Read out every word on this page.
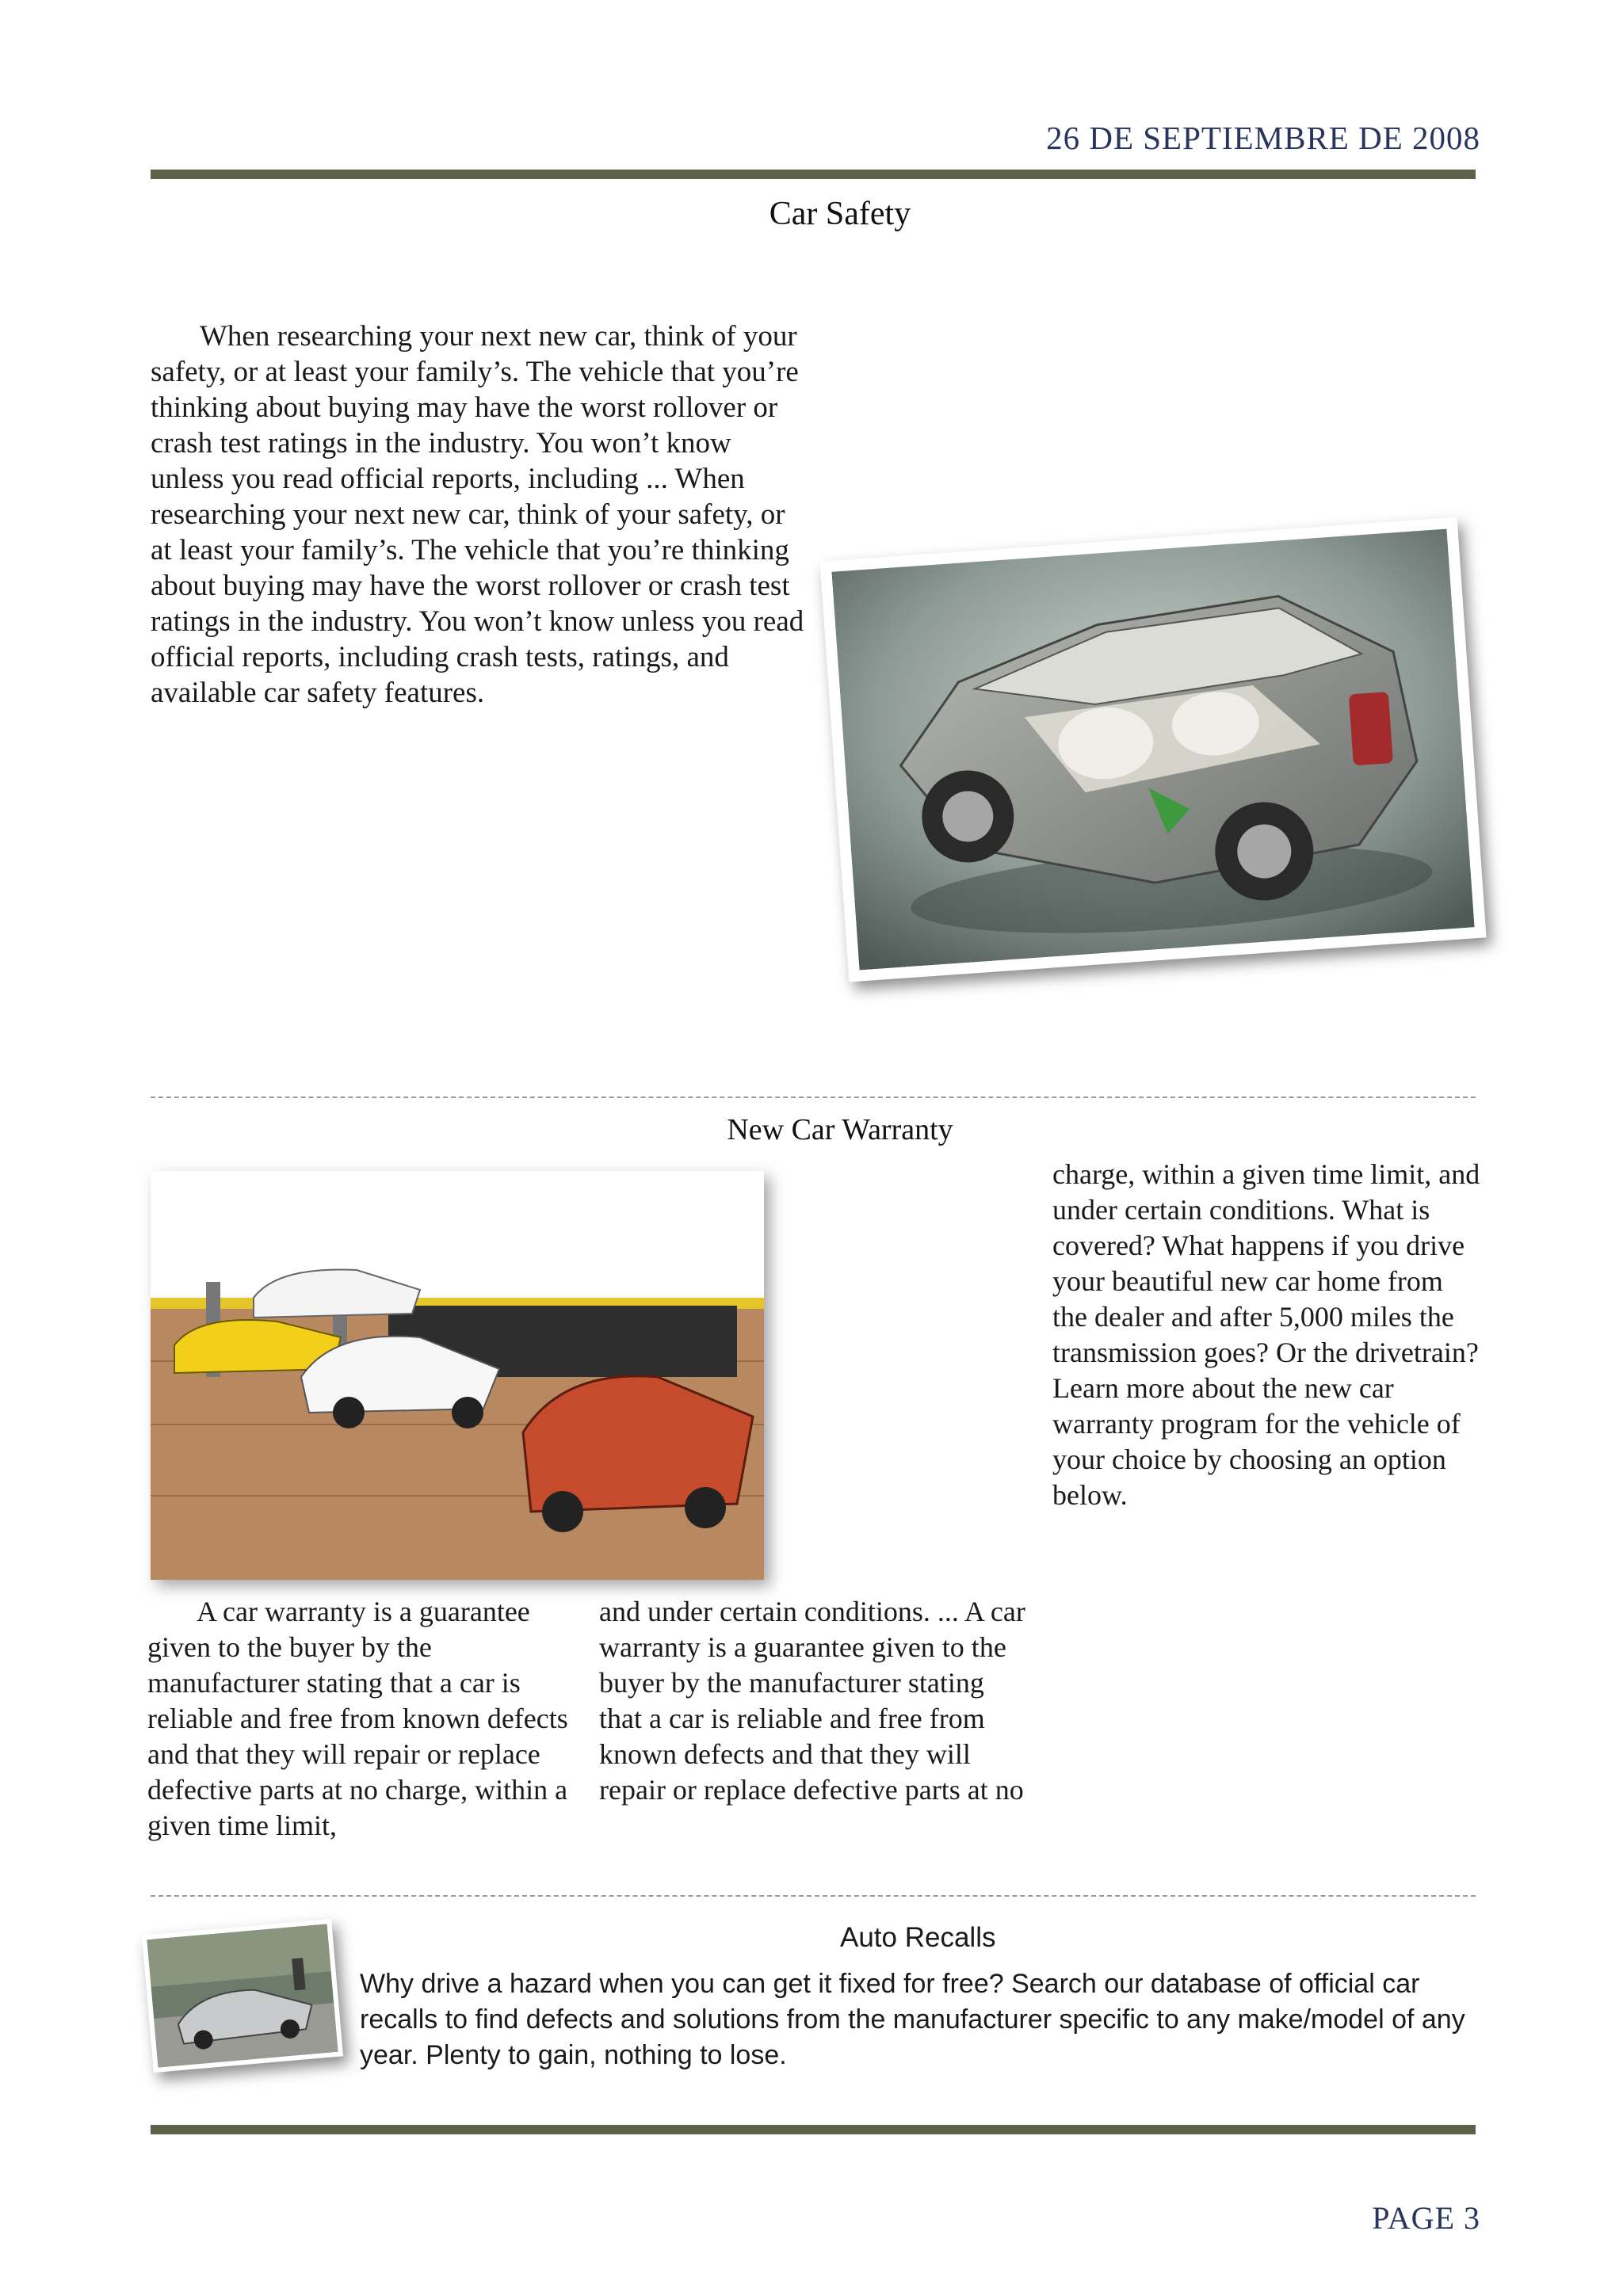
26 DE SEPTIEMBRE DE 2008
Car Safety
When researching your next new car, think of your safety, or at least your family’s. The vehicle that you’re thinking about buying may have the worst rollover or crash test ratings in the industry. You won’t know unless you read official reports, including ... When researching your next new car, think of your safety, or at least your family’s. The vehicle that you’re thinking about buying may have the worst rollover or crash test ratings in the industry. You won’t know unless you read official reports, including crash tests, ratings, and available car safety features.
New Car Warranty
A car warranty is a guarantee given to the buyer by the manufacturer stating that a car is reliable and free from known defects and that they will repair or replace defective parts at no charge, within a given time limit,
and under certain conditions. ... A car warranty is a guarantee given to the buyer by the manufacturer stating that a car is reliable and free from known defects and that they will repair or replace defective parts at no
charge, within a given time limit, and under certain conditions. What is covered? What happens if you drive your beautiful new car home from the dealer and after 5,000 miles the transmission goes? Or the drivetrain? Learn more about the new car warranty program for the vehicle of your choice by choosing an option below.
Auto Recalls
Why drive a hazard when you can get it fixed for free? Search our database of official car recalls to find defects and solutions from the manufacturer specific to any make/model of any year. Plenty to gain, nothing to lose.
PAGE 3
